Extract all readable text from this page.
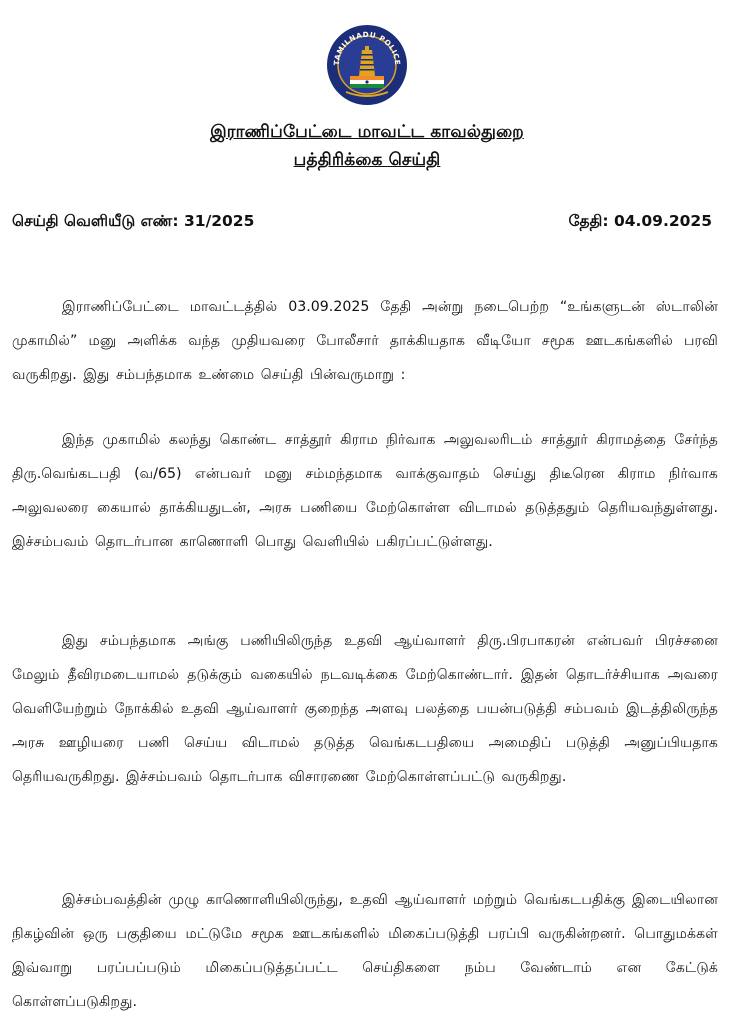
TAMILNADU POLICE
இராணிப்பேட்டை மாவட்ட காவல்துறை
பத்திரிக்கை செய்தி
செய்தி வெளியீடு எண்: 31/2025	தேதி: 04.09.2025
இராணிப்பேட்டை மாவட்டத்தில் 03.09.2025 தேதி அன்று நடைபெற்ற “உங்களுடன் ஸ்டாலின் முகாமில்” மனு அளிக்க வந்த முதியவரை போலீசார் தாக்கியதாக வீடியோ சமூக ஊடகங்களில் பரவி வருகிறது. இது சம்பந்தமாக உண்மை செய்தி பின்வருமாறு :
இந்த முகாமில் கலந்து கொண்ட சாத்தூர் கிராம நிர்வாக அலுவலரிடம் சாத்தூர் கிராமத்தை சேர்ந்த திரு.வெங்கடபதி (வ/65) என்பவர் மனு சம்மந்தமாக வாக்குவாதம் செய்து திடீரென கிராம நிர்வாக அலுவலரை கையால் தாக்கியதுடன், அரசு பணியை மேற்கொள்ள விடாமல் தடுத்ததும் தெரியவந்துள்ளது. இச்சம்பவம் தொடர்பான காணொளி பொது வெளியில் பகிரப்பட்டுள்ளது.
இது சம்பந்தமாக அங்கு பணியிலிருந்த உதவி ஆய்வாளர் திரு.பிரபாகரன் என்பவர் பிரச்சனை மேலும் தீவிரமடையாமல் தடுக்கும் வகையில் நடவடிக்கை மேற்கொண்டார். இதன் தொடர்ச்சியாக அவரை வெளியேற்றும் நோக்கில் உதவி ஆய்வாளர் குறைந்த அளவு பலத்தை பயன்படுத்தி சம்பவம் இடத்திலிருந்த அரசு ஊழியரை பணி செய்ய விடாமல் தடுத்த வெங்கடபதியை அமைதிப் படுத்தி அனுப்பியதாக தெரியவருகிறது. இச்சம்பவம் தொடர்பாக விசாரணை மேற்கொள்ளப்பட்டு வருகிறது.
இச்சம்பவத்தின் முழு காணொளியிலிருந்து, உதவி ஆய்வாளர் மற்றும் வெங்கடபதிக்கு இடையிலான நிகழ்வின் ஒரு பகுதியை மட்டுமே சமூக ஊடகங்களில் மிகைப்படுத்தி பரப்பி வருகின்றனர். பொதுமக்கள் இவ்வாறு பரப்பப்படும் மிகைப்படுத்தப்பட்ட செய்திகளை நம்ப வேண்டாம் என கேட்டுக் கொள்ளப்படுகிறது.
